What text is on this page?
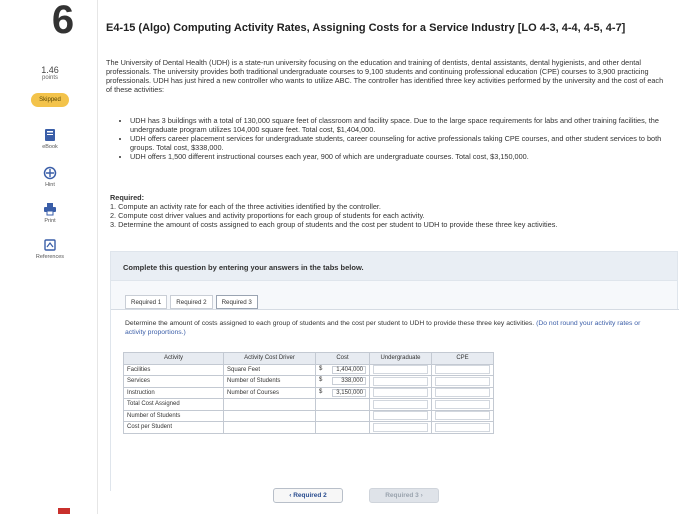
6
1.46
points
Skipped
eBook
Hint
Print
References
E4-15 (Algo) Computing Activity Rates, Assigning Costs for a Service Industry [LO 4-3, 4-4, 4-5, 4-7]
The University of Dental Health (UDH) is a state-run university focusing on the education and training of dentists, dental assistants, dental hygienists, and other dental professionals. The university provides both traditional undergraduate courses to 9,100 students and continuing professional education (CPE) courses to 3,900 practicing professionals. UDH has just hired a new controller who wants to utilize ABC. The controller has identified three key activities performed by the university and the cost of each of these activities:
• UDH has 3 buildings with a total of 130,000 square feet of classroom and facility space. Due to the large space requirements for labs and other training facilities, the undergraduate program utilizes 104,000 square feet. Total cost, $1,404,000.
• UDH offers career placement services for undergraduate students, career counseling for active professionals taking CPE courses, and other student services to both groups. Total cost, $338,000.
• UDH offers 1,500 different instructional courses each year, 900 of which are undergraduate courses. Total cost, $3,150,000.
Required:
1. Compute an activity rate for each of the three activities identified by the controller.
2. Compute cost driver values and activity proportions for each group of students for each activity.
3. Determine the amount of costs assigned to each group of students and the cost per student to UDH to provide these three key activities.
Complete this question by entering your answers in the tabs below.
Required 1	Required 2	Required 3
Determine the amount of costs assigned to each group of students and the cost per student to UDH to provide these three key activities. (Do not round your activity rates or activity proportions.)
Activity	Activity Cost Driver	Cost	Undergraduate	CPE
Facilities	Square Feet	$ 1,404,000	

Services	Number of Students	$ 338,000	

Instruction	Number of Courses	$ 3,150,000	

Total Cost Assigned			

Number of Students			

Cost per Student			

‹ Required 2	Required 3 ›
